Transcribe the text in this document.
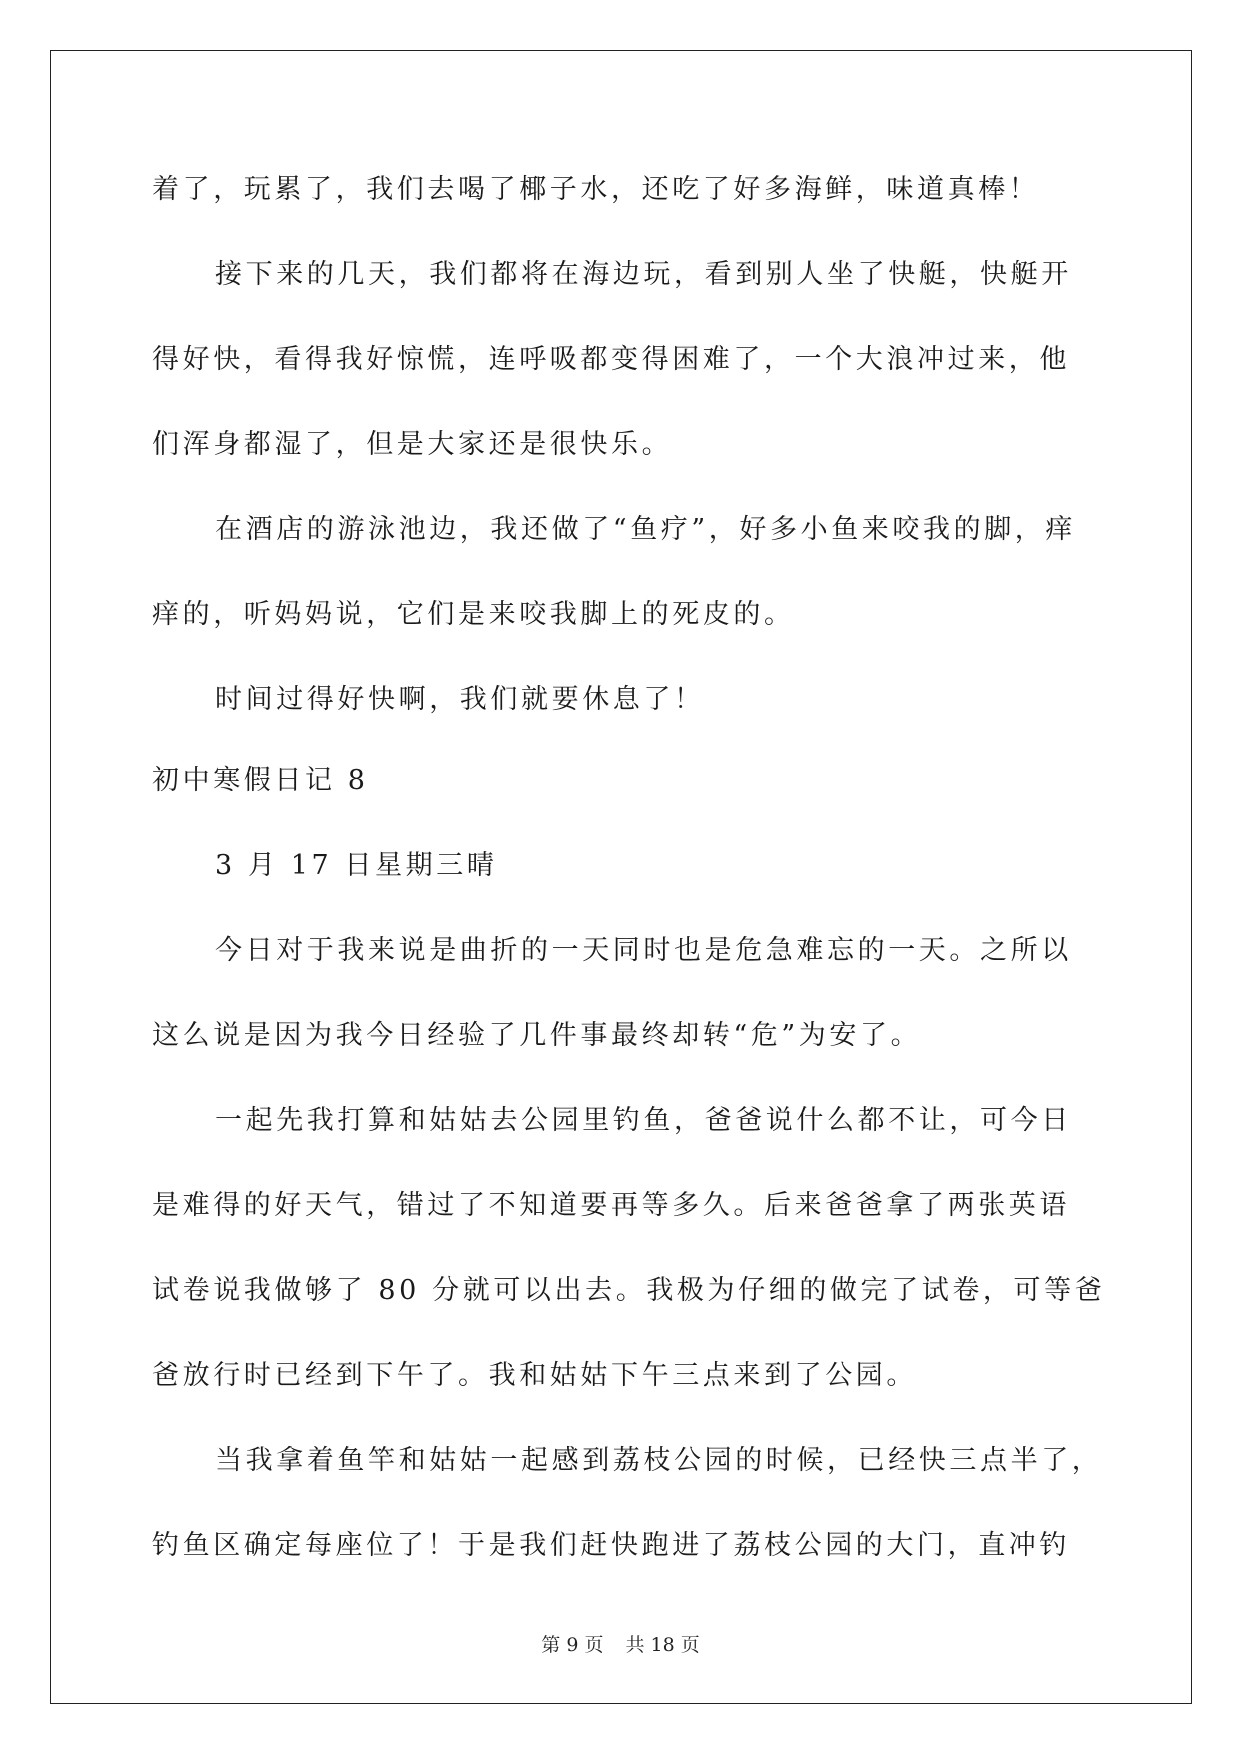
着了，玩累了，我们去喝了椰子水，还吃了好多海鲜，味道真棒！
接下来的几天，我们都将在海边玩，看到别人坐了快艇，快艇开
得好快，看得我好惊慌，连呼吸都变得困难了，一个大浪冲过来，他
们浑身都湿了，但是大家还是很快乐。
在酒店的游泳池边，我还做了“鱼疗”，好多小鱼来咬我的脚，痒
痒的，听妈妈说，它们是来咬我脚上的死皮的。
时间过得好快啊，我们就要休息了！
初中寒假日记 8
3 月 17 日星期三晴
今日对于我来说是曲折的一天同时也是危急难忘的一天。之所以
这么说是因为我今日经验了几件事最终却转“危”为安了。
一起先我打算和姑姑去公园里钓鱼，爸爸说什么都不让，可今日
是难得的好天气，错过了不知道要再等多久。后来爸爸拿了两张英语
试卷说我做够了 80 分就可以出去。我极为仔细的做完了试卷，可等爸
爸放行时已经到下午了。我和姑姑下午三点来到了公园。
当我拿着鱼竿和姑姑一起感到荔枝公园的时候，已经快三点半了，
钓鱼区确定每座位了！于是我们赶快跑进了荔枝公园的大门，直冲钓
第 9 页 共 18 页
